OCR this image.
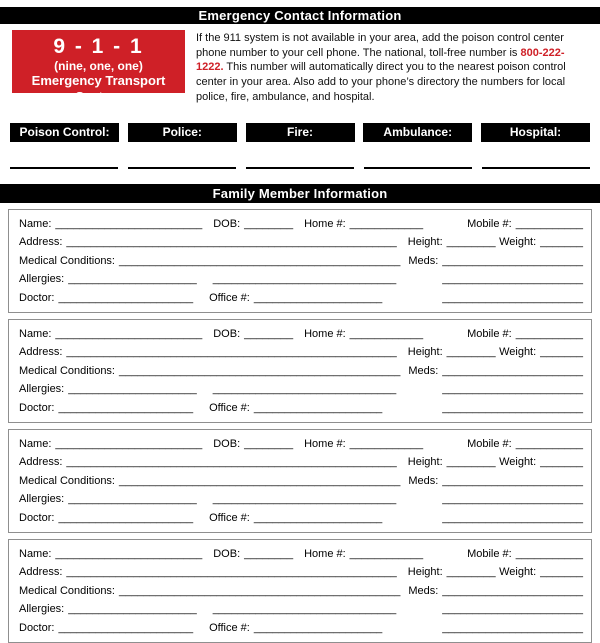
Emergency Contact Information
9 - 1 - 1
(nine, one, one)
Emergency Transport System
If the 911 system is not available in your area, add the poison control center phone number to your cell phone. The national, toll-free number is 800-222-1222. This number will automatically direct you to the nearest poison control center in your area. Also add to your phone’s directory the numbers for local police, fire, ambulance, and hospital.
Poison Control:	Police:	Fire:	Ambulance:	Hospital:
Family Member Information
Name: ________________________ DOB: ________ Home #: ____________	Mobile #: ___________
Address: ______________________________________________________ Height: ________ Weight: _______
Medical Conditions: ______________________________________________ Meds: _______________________
Allergies: _____________________ ______________________________	_______________________
Doctor: ______________________ Office #: _____________________	_______________________
Name: ________________________ DOB: ________ Home #: ____________	Mobile #: ___________
Address: ______________________________________________________ Height: ________ Weight: _______
Medical Conditions: ______________________________________________ Meds: _______________________
Allergies: _____________________ ______________________________	_______________________
Doctor: ______________________ Office #: _____________________	_______________________
Name: ________________________ DOB: ________ Home #: ____________	Mobile #: ___________
Address: ______________________________________________________ Height: ________ Weight: _______
Medical Conditions: ______________________________________________ Meds: _______________________
Allergies: _____________________ ______________________________	_______________________
Doctor: ______________________ Office #: _____________________	_______________________
Name: ________________________ DOB: ________ Home #: ____________	Mobile #: ___________
Address: ______________________________________________________ Height: ________ Weight: _______
Medical Conditions: ______________________________________________ Meds: _______________________
Allergies: _____________________ ______________________________	_______________________
Doctor: ______________________ Office #: _____________________	_______________________
